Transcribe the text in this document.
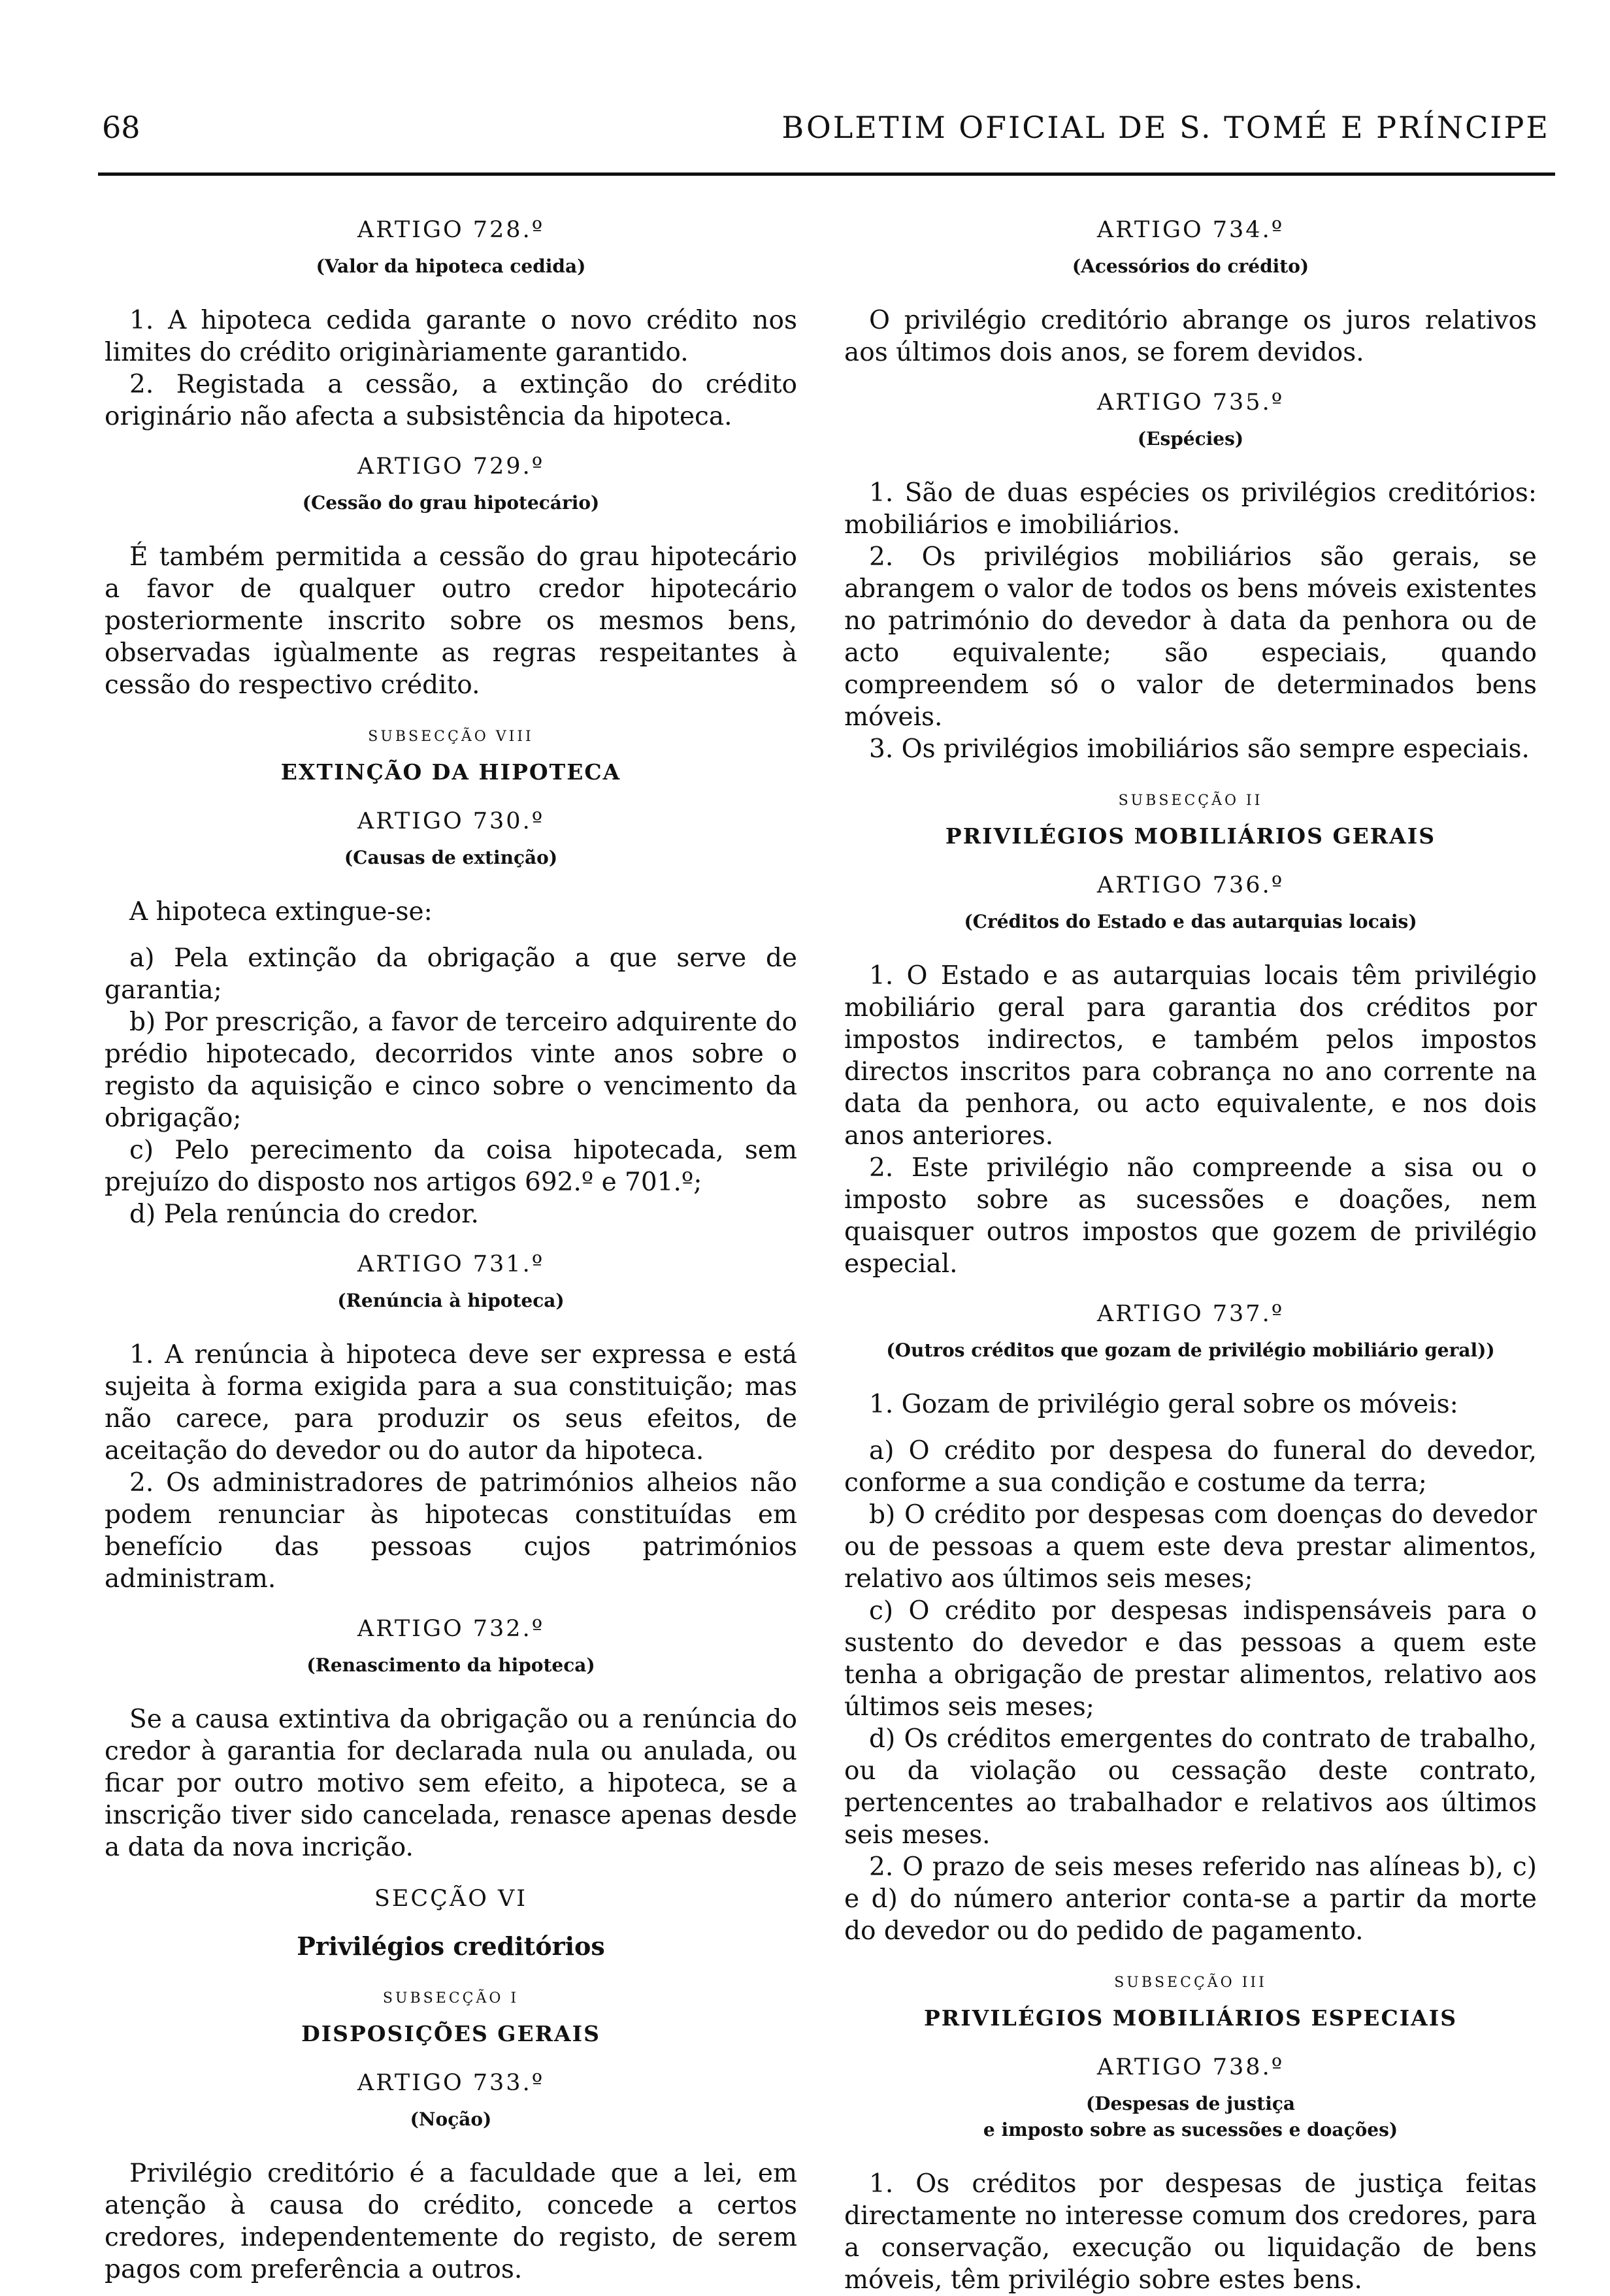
68	BOLETIM OFICIAL DE S. TOMÉ E PRÍNCIPE
ARTIGO 728.º
(Valor da hipoteca cedida)

1. A hipoteca cedida garante o novo crédito nos limites do crédito originàriamente garantido.

2. Registada a cessão, a extinção do crédito originário não afecta a subsistência da hipoteca.

ARTIGO 729.º
(Cessão do grau hipotecário)

É também permitida a cessão do grau hipotecário a favor de qualquer outro credor hipotecário posteriormente inscrito sobre os mesmos bens, observadas igùalmente as regras respeitantes à cessão do respectivo crédito.

SUBSECÇÃO VIII
EXTINÇÃO DA HIPOTECA
ARTIGO 730.º
(Causas de extinção)

A hipoteca extingue-se:

a) Pela extinção da obrigação a que serve de garantia;

b) Por prescrição, a favor de terceiro adquirente do prédio hipotecado, decorridos vinte anos sobre o registo da aquisição e cinco sobre o vencimento da obrigação;

c) Pelo perecimento da coisa hipotecada, sem prejuízo do disposto nos artigos 692.º e 701.º;

d) Pela renúncia do credor.

ARTIGO 731.º
(Renúncia à hipoteca)

1. A renúncia à hipoteca deve ser expressa e está sujeita à forma exigida para a sua constituição; mas não carece, para produzir os seus efeitos, de aceitação do devedor ou do autor da hipoteca.

2. Os administradores de patrimónios alheios não podem renunciar às hipotecas constituídas em benefício das pessoas cujos patrimónios administram.

ARTIGO 732.º
(Renascimento da hipoteca)

Se a causa extintiva da obrigação ou a renúncia do credor à garantia for declarada nula ou anulada, ou ficar por outro motivo sem efeito, a hipoteca, se a inscrição tiver sido cancelada, renasce apenas desde a data da nova incrição.

SECÇÃO VI
Privilégios creditórios
SUBSECÇÃO I
DISPOSIÇÕES GERAIS
ARTIGO 733.º
(Noção)

Privilégio creditório é a faculdade que a lei, em atenção à causa do crédito, concede a certos credores, independentemente do registo, de serem pagos com preferência a outros.

ARTIGO 734.º
(Acessórios do crédito)

O privilégio creditório abrange os juros relativos aos últimos dois anos, se forem devidos.

ARTIGO 735.º
(Espécies)

1. São de duas espécies os privilégios creditórios: mobiliários e imobiliários.

2. Os privilégios mobiliários são gerais, se abrangem o valor de todos os bens móveis existentes no património do devedor à data da penhora ou de acto equivalente; são especiais, quando compreendem só o valor de determinados bens móveis.

3. Os privilégios imobiliários são sempre especiais.

SUBSECÇÃO II
PRIVILÉGIOS MOBILIÁRIOS GERAIS
ARTIGO 736.º
(Créditos do Estado e das autarquias locais)

1. O Estado e as autarquias locais têm privilégio mobiliário geral para garantia dos créditos por impostos indirectos, e também pelos impostos directos inscritos para cobrança no ano corrente na data da penhora, ou acto equivalente, e nos dois anos anteriores.

2. Este privilégio não compreende a sisa ou o imposto sobre as sucessões e doações, nem quaisquer outros impostos que gozem de privilégio especial.

ARTIGO 737.º
(Outros créditos que gozam de privilégio mobiliário geral))

1. Gozam de privilégio geral sobre os móveis:

a) O crédito por despesa do funeral do devedor, conforme a sua condição e costume da terra;

b) O crédito por despesas com doenças do devedor ou de pessoas a quem este deva prestar alimentos, relativo aos últimos seis meses;

c) O crédito por despesas indispensáveis para o sustento do devedor e das pessoas a quem este tenha a obrigação de prestar alimentos, relativo aos últimos seis meses;

d) Os créditos emergentes do contrato de trabalho, ou da violação ou cessação deste contrato, pertencentes ao trabalhador e relativos aos últimos seis meses.

2. O prazo de seis meses referido nas alíneas b), c) e d) do número anterior conta-se a partir da morte do devedor ou do pedido de pagamento.

SUBSECÇÃO III
PRIVILÉGIOS MOBILIÁRIOS ESPECIAIS
ARTIGO 738.º
(Despesas de justiça
e imposto sobre as sucessões e doações)

1. Os créditos por despesas de justiça feitas directamente no interesse comum dos credores, para a conservação, execução ou liquidação de bens móveis, têm privilégio sobre estes bens.
